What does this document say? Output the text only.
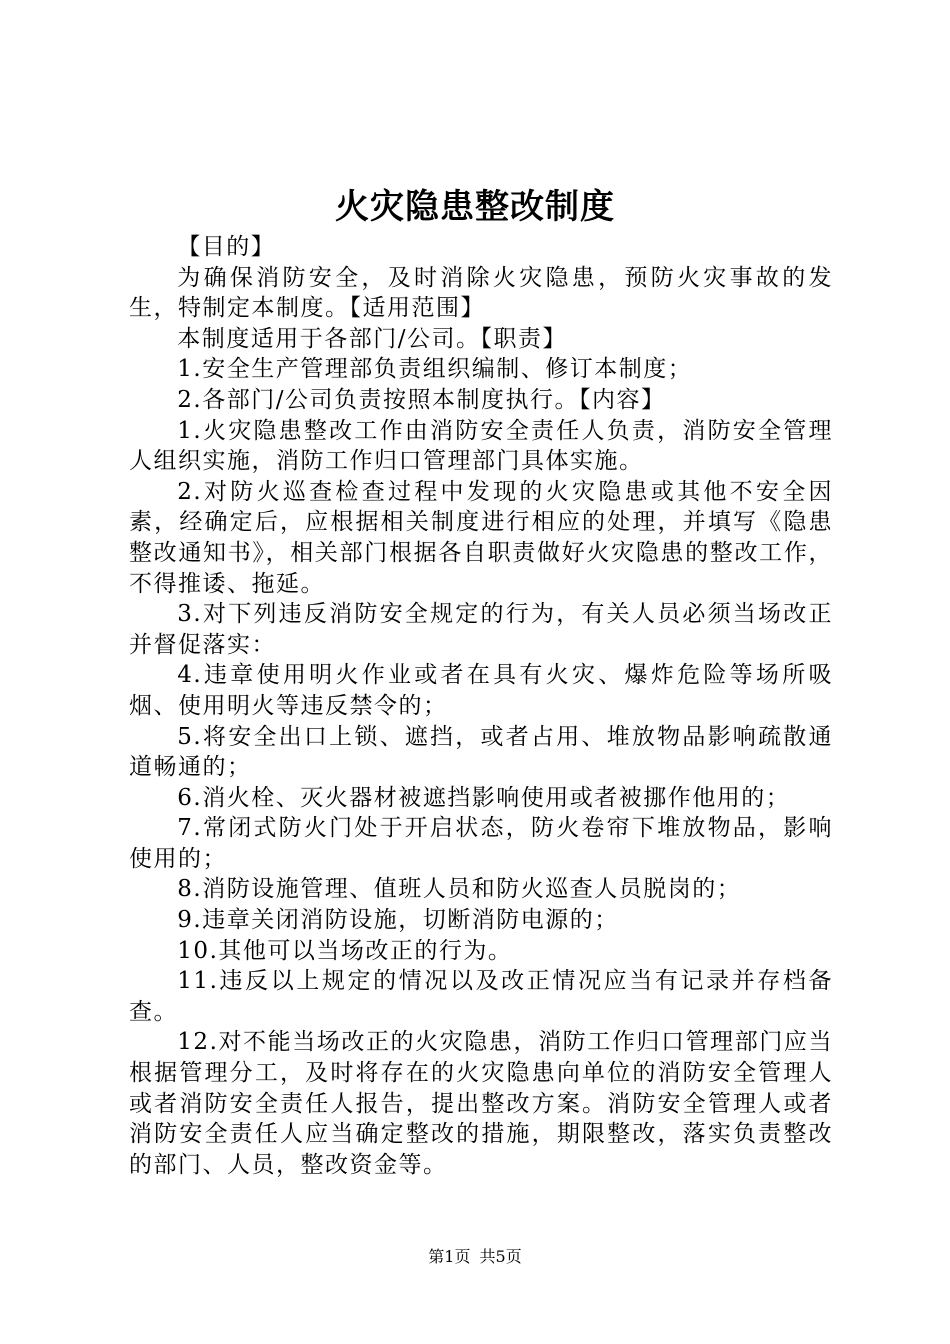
火灾隐患整改制度

【目的】

为确保消防安全，及时消除火灾隐患，预防火灾事故的发生，特制定本制度。【适用范围】

本制度适用于各部门/公司。【职责】

1.安全生产管理部负责组织编制、修订本制度；

2.各部门/公司负责按照本制度执行。【内容】

1.火灾隐患整改工作由消防安全责任人负责，消防安全管理人组织实施，消防工作归口管理部门具体实施。

2.对防火巡查检查过程中发现的火灾隐患或其他不安全因素，经确定后，应根据相关制度进行相应的处理，并填写《隐患整改通知书》，相关部门根据各自职责做好火灾隐患的整改工作，不得推诿、拖延。

3.对下列违反消防安全规定的行为，有关人员必须当场改正并督促落实：

4.违章使用明火作业或者在具有火灾、爆炸危险等场所吸烟、使用明火等违反禁令的；

5.将安全出口上锁、遮挡，或者占用、堆放物品影响疏散通道畅通的；

6.消火栓、灭火器材被遮挡影响使用或者被挪作他用的；

7.常闭式防火门处于开启状态，防火卷帘下堆放物品，影响使用的；

8.消防设施管理、值班人员和防火巡查人员脱岗的；

9.违章关闭消防设施，切断消防电源的；

10.其他可以当场改正的行为。

11.违反以上规定的情况以及改正情况应当有记录并存档备查。

12.对不能当场改正的火灾隐患，消防工作归口管理部门应当根据管理分工，及时将存在的火灾隐患向单位的消防安全管理人或者消防安全责任人报告，提出整改方案。消防安全管理人或者消防安全责任人应当确定整改的措施，期限整改，落实负责整改的部门、人员，整改资金等。

第1页 共5页
